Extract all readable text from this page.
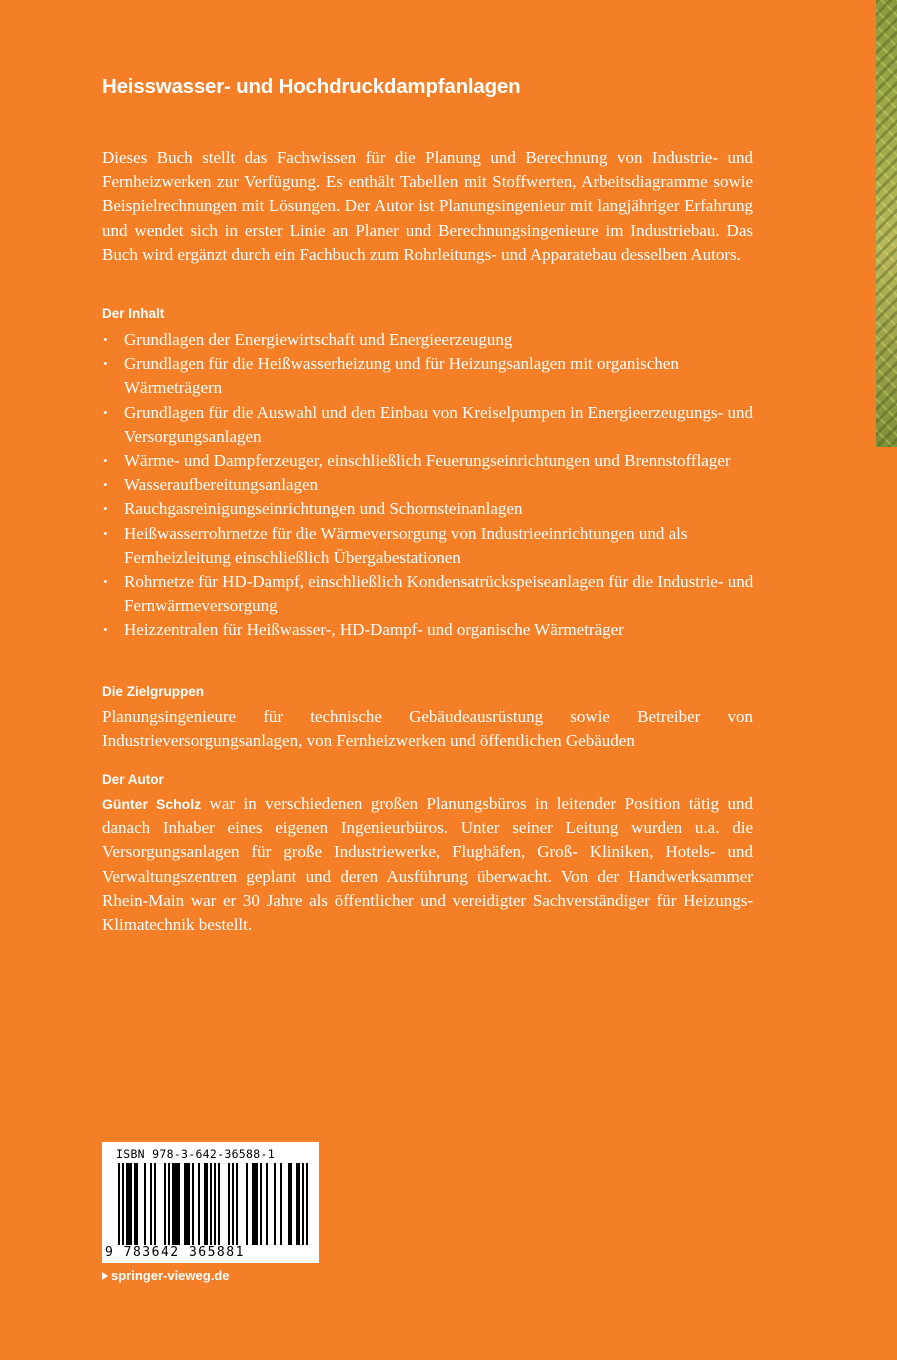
Heisswasser- und Hochdruckdampfanlagen

Dieses Buch stellt das Fachwissen für die Planung und Berechnung von Industrie- und Fernheizwerken zur Verfügung. Es enthält Tabellen mit Stoffwerten, Arbeitsdiagramme sowie Beispielrechnungen mit Lösungen. Der Autor ist Planungsingenieur mit langjähriger Erfahrung und wendet sich in erster Linie an Planer und Berechnungsingenieure im Industriebau. Das Buch wird ergänzt durch ein Fachbuch zum Rohrleitungs- und Apparatebau desselben Autors.

Der Inhalt
• Grundlagen der Energiewirtschaft und Energieerzeugung
• Grundlagen für die Heißwasserheizung und für Heizungsanlagen mit organischen Wärmeträgern
• Grundlagen für die Auswahl und den Einbau von Kreiselpumpen in Energieerzeugungs- und Versorgungsanlagen
• Wärme- und Dampferzeuger, einschließlich Feuerungseinrichtungen und Brennstofflager
• Wasseraufbereitungsanlagen
• Rauchgasreinigungseinrichtungen und Schornsteinanlagen
• Heißwasserrohrnetze für die Wärmeversorgung von Industrieeinrichtungen und als Fernheizleitung einschließlich Übergabestationen
• Rohrnetze für HD-Dampf, einschließlich Kondensatrückspeiseanlagen für die Industrie- und Fernwärmeversorgung
• Heizzentralen für Heißwasser-, HD-Dampf- und organische Wärmeträger
Die Zielgruppen

Planungsingenieure für technische Gebäudeausrüstung sowie Betreiber von Industrieversorgungsanlagen, von Fernheizwerken und öffentlichen Gebäuden

Der Autor

Günter Scholz war in verschiedenen großen Planungsbüros in leitender Position tätig und danach Inhaber eines eigenen Ingenieurbüros. Unter seiner Leitung wurden u.a. die Versorgungsanlagen für große Industriewerke, Flughäfen, Groß- Kliniken, Hotels- und Verwaltungszentren geplant und deren Ausführung überwacht. Von der Handwerksammer Rhein-Main war er 30 Jahre als öffentlicher und vereidigter Sachverständiger für Heizungs-Klimatechnik bestellt.

ISBN 978-3-642-36588-1
9 783642 365881
springer-vieweg.de
